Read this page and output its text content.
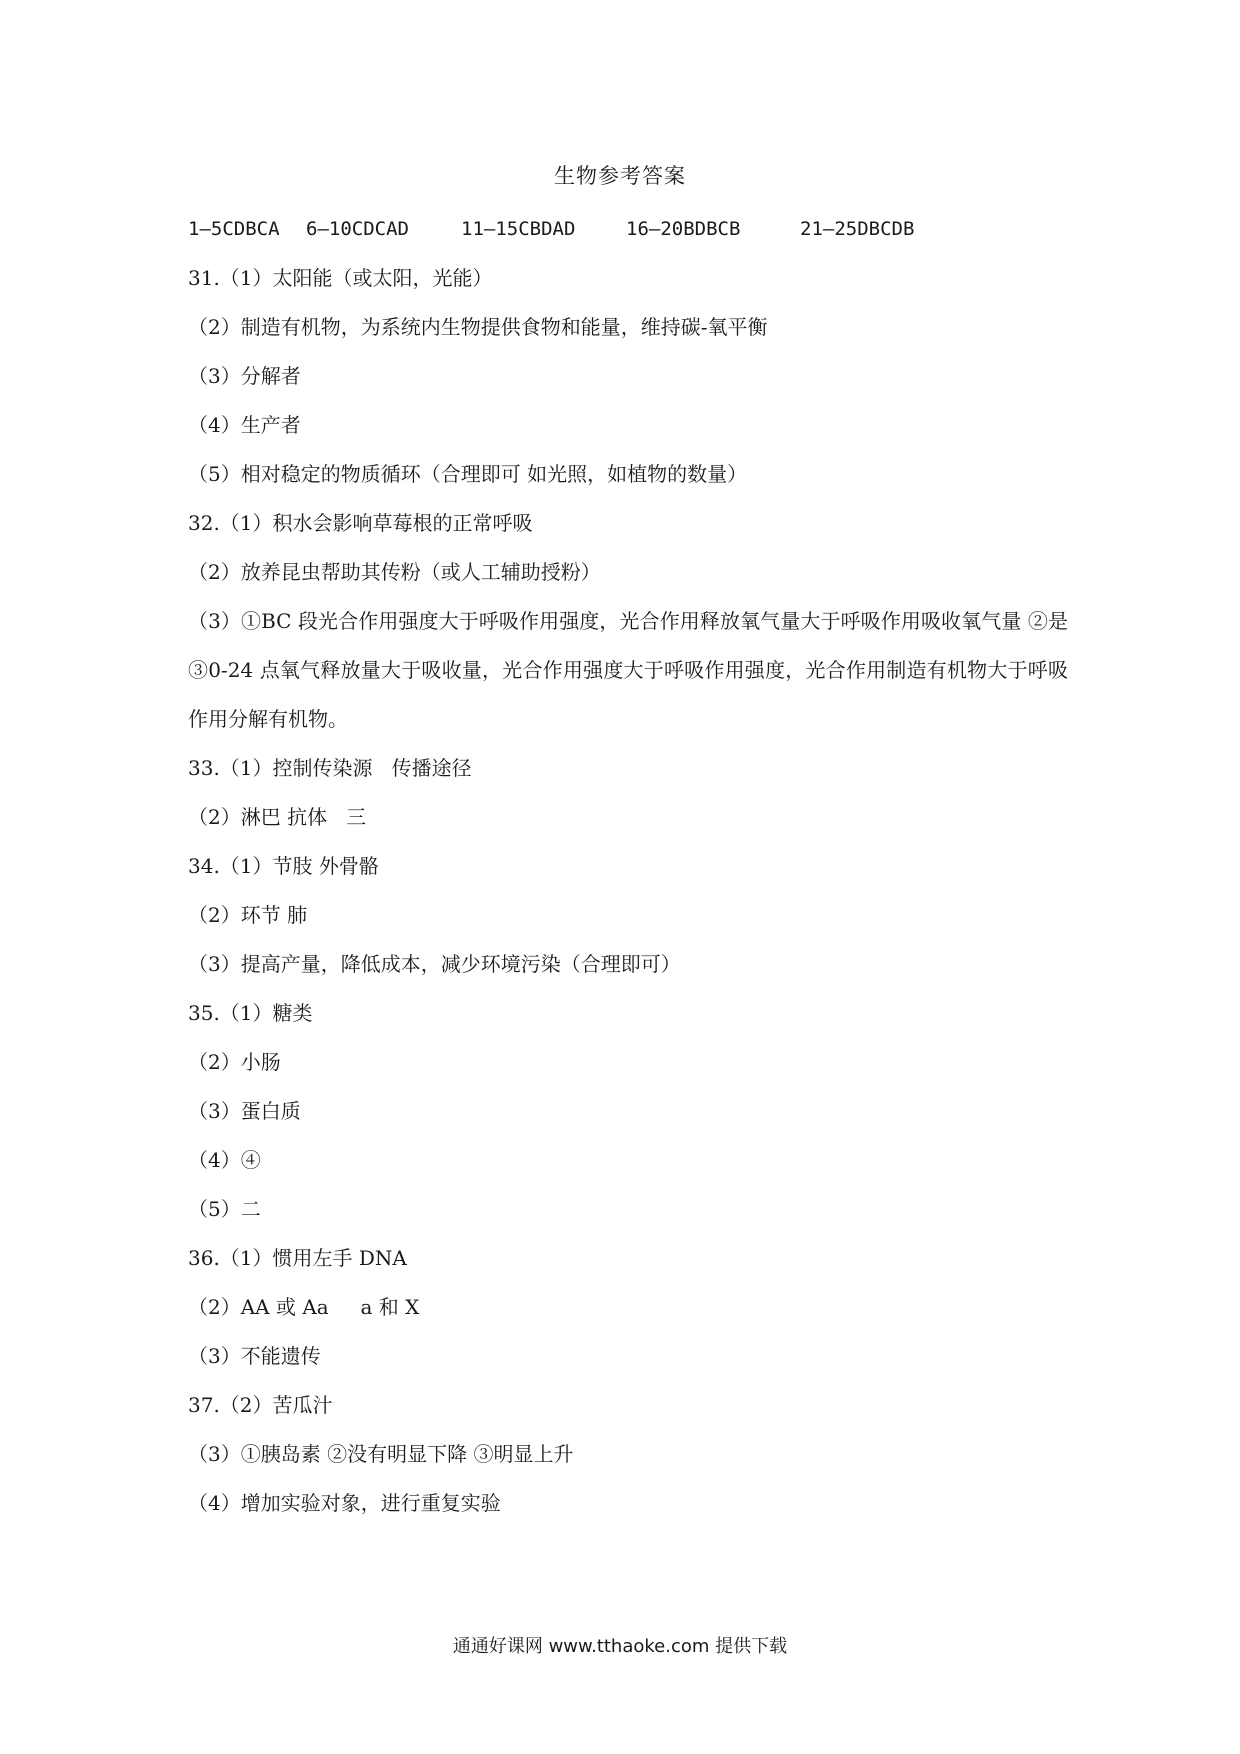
生物参考答案
1—5CDBCA 6—10CDCAD	11—15CBDAD	16—20BDBCB	21—25DBCDB
31.（1）太阳能（或太阳，光能）
（2）制造有机物，为系统内生物提供食物和能量，维持碳-氧平衡
（3）分解者
（4）生产者
（5）相对稳定的物质循环（合理即可 如光照，如植物的数量）
32.（1）积水会影响草莓根的正常呼吸
（2）放养昆虫帮助其传粉（或人工辅助授粉）
（3）①BC 段光合作用强度大于呼吸作用强度，光合作用释放氧气量大于呼吸作用吸收氧气量 ②是 ③0-24 点氧气释放量大于吸收量，光合作用强度大于呼吸作用强度，光合作用制造有机物大于呼吸作用分解有机物。
33.（1）控制传染源   传播途径
（2）淋巴 抗体   三
34.（1）节肢 外骨骼
（2）环节 肺
（3）提高产量，降低成本，减少环境污染（合理即可）
35.（1）糖类
（2）小肠
（3）蛋白质
（4）④
（5）二
36.（1）惯用左手 DNA
（2）AA 或 Aa     a 和 X
（3）不能遗传
37.（2）苦瓜汁
（3）①胰岛素 ②没有明显下降 ③明显上升
（4）增加实验对象，进行重复实验
通通好课网 www.tthaoke.com 提供下载
